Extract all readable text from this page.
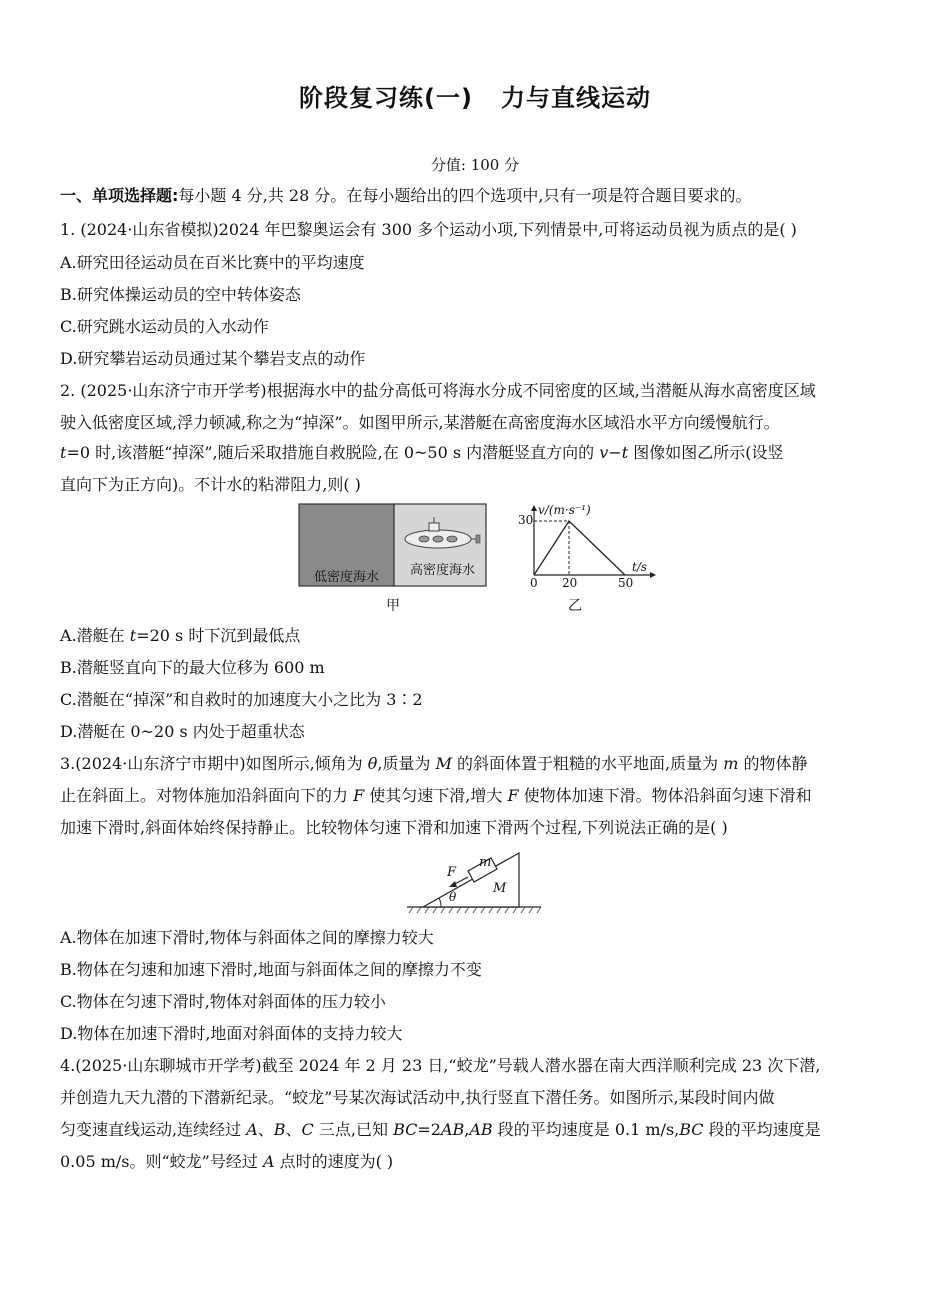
阶段复习练(一) 力与直线运动
分值: 100 分
一、单项选择题:每小题 4 分,共 28 分。在每小题给出的四个选项中,只有一项是符合题目要求的。
1. (2024·山东省模拟)2024 年巴黎奥运会有 300 多个运动小项,下列情景中,可将运动员视为质点的是( )
A.研究田径运动员在百米比赛中的平均速度
B.研究体操运动员的空中转体姿态
C.研究跳水运动员的入水动作
D.研究攀岩运动员通过某个攀岩支点的动作
2. (2025·山东济宁市开学考)根据海水中的盐分高低可将海水分成不同密度的区域,当潜艇从海水高密度区域
驶入低密度区域,浮力顿减,称之为“掉深”。如图甲所示,某潜艇在高密度海水区域沿水平方向缓慢航行。
t=0 时,该潜艇“掉深”,随后采取措施自救脱险,在 0~50 s 内潜艇竖直方向的 v−t 图像如图乙所示(设竖
直向下为正方向)。不计水的粘滞阻力,则( )
低密度海水 高密度海水
甲
v/(m·s⁻¹)
30
t/s
0 20	50
乙
A.潜艇在 t=20 s 时下沉到最低点
B.潜艇竖直向下的最大位移为 600 m
C.潜艇在“掉深”和自救时的加速度大小之比为 3∶2
D.潜艇在 0~20 s 内处于超重状态
3.(2024·山东济宁市期中)如图所示,倾角为 θ,质量为 M 的斜面体置于粗糙的水平地面,质量为 m 的物体静
止在斜面上。对物体施加沿斜面向下的力 F 使其匀速下滑,增大 F 使物体加速下滑。物体沿斜面匀速下滑和
加速下滑时,斜面体始终保持静止。比较物体匀速下滑和加速下滑两个过程,下列说法正确的是( )
F
m
M
θ
A.物体在加速下滑时,物体与斜面体之间的摩擦力较大
B.物体在匀速和加速下滑时,地面与斜面体之间的摩擦力不变
C.物体在匀速下滑时,物体对斜面体的压力较小
D.物体在加速下滑时,地面对斜面体的支持力较大
4.(2025·山东聊城市开学考)截至 2024 年 2 月 23 日,“蛟龙”号载人潜水器在南大西洋顺利完成 23 次下潜,
并创造九天九潜的下潜新纪录。“蛟龙”号某次海试活动中,执行竖直下潜任务。如图所示,某段时间内做
匀变速直线运动,连续经过 A、B、C 三点,已知 BC=2AB,AB 段的平均速度是 0.1 m/s,BC 段的平均速度是
0.05 m/s。则“蛟龙”号经过 A 点时的速度为( )
